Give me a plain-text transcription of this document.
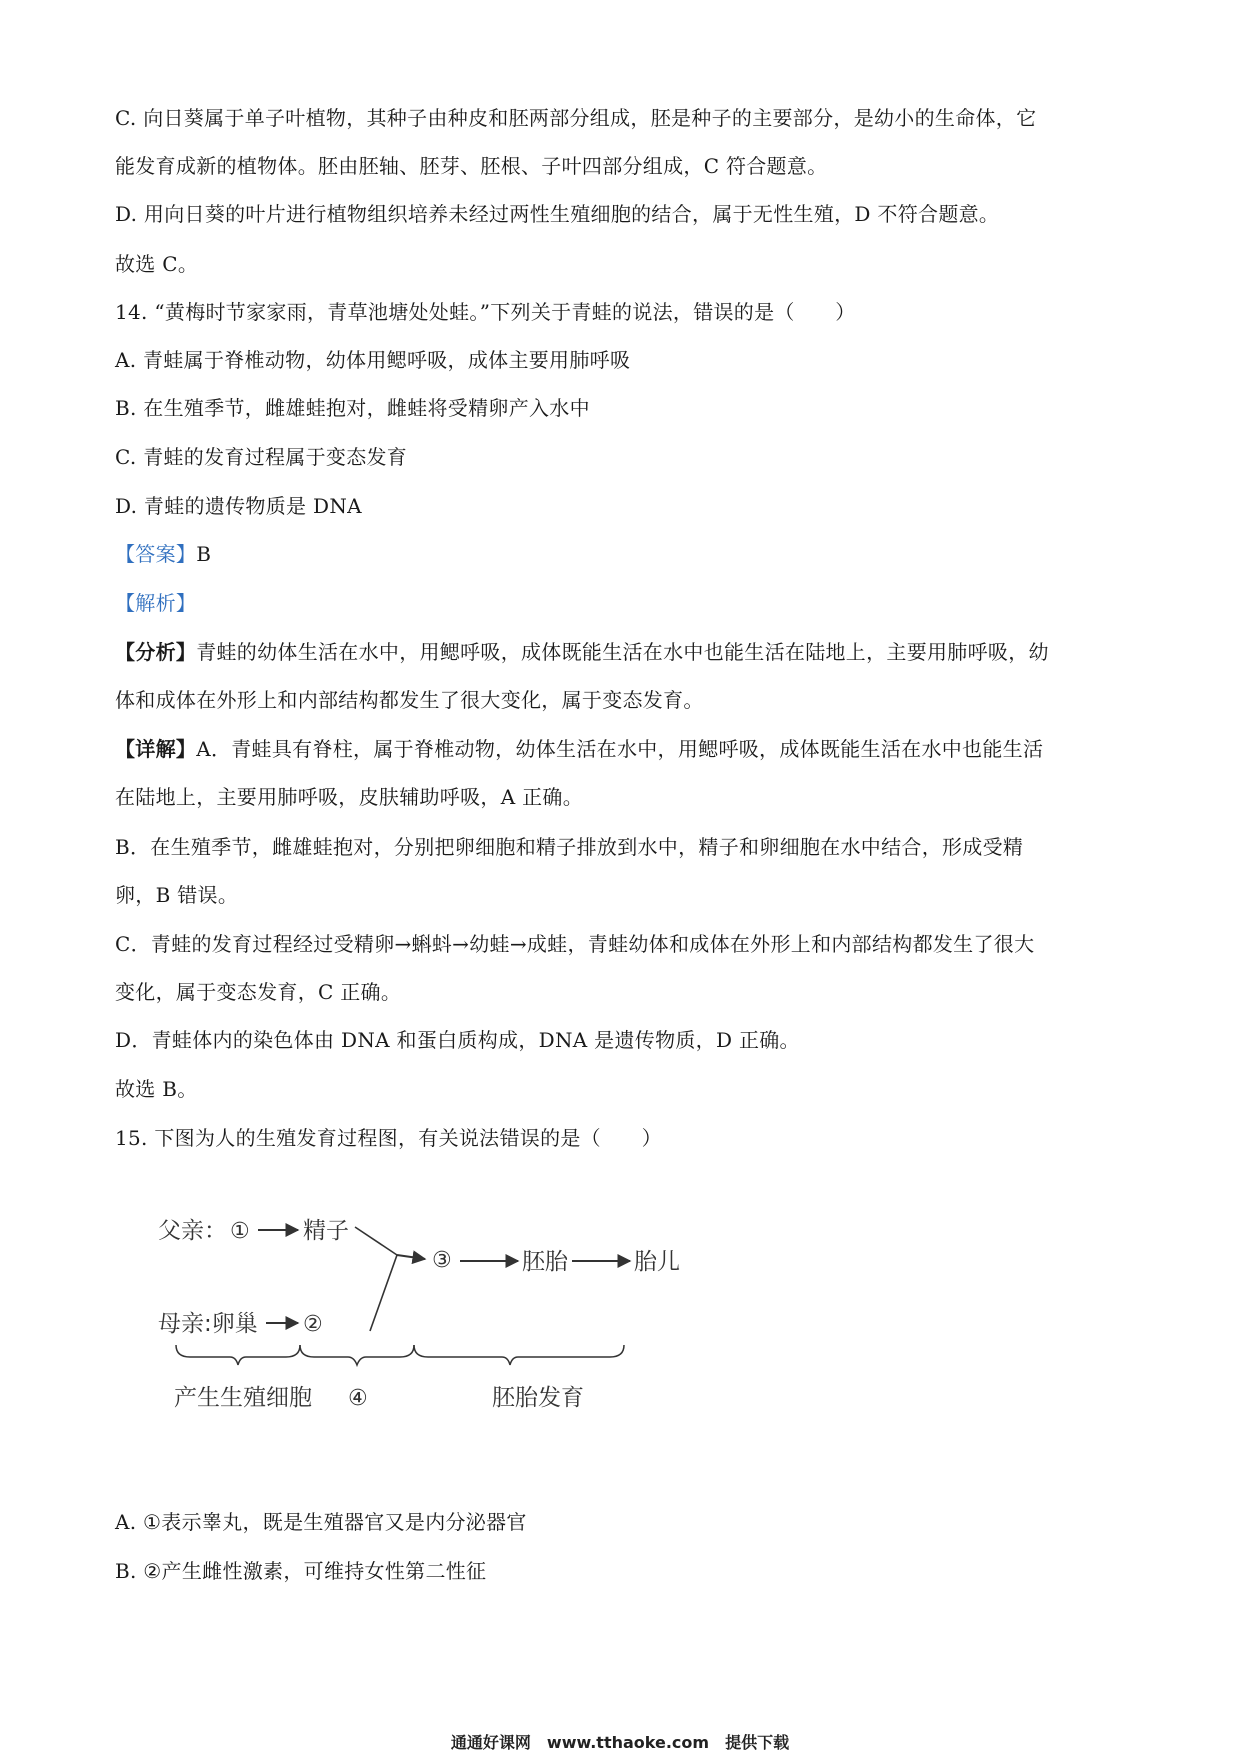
C. 向日葵属于单子叶植物，其种子由种皮和胚两部分组成，胚是种子的主要部分，是幼小的生命体，它
能发育成新的植物体。胚由胚轴、胚芽、胚根、子叶四部分组成，C 符合题意。
D. 用向日葵的叶片进行植物组织培养未经过两性生殖细胞的结合，属于无性生殖，D 不符合题意。
故选 C。
14. “黄梅时节家家雨，青草池塘处处蛙。”下列关于青蛙的说法，错误的是（　　）
A. 青蛙属于脊椎动物，幼体用鳃呼吸，成体主要用肺呼吸
B. 在生殖季节，雌雄蛙抱对，雌蛙将受精卵产入水中
C. 青蛙的发育过程属于变态发育
D. 青蛙的遗传物质是 DNA
【答案】B
【解析】
【分析】青蛙的幼体生活在水中，用鳃呼吸，成体既能生活在水中也能生活在陆地上，主要用肺呼吸，幼
体和成体在外形上和内部结构都发生了很大变化，属于变态发育。
【详解】A．青蛙具有脊柱，属于脊椎动物，幼体生活在水中，用鳃呼吸，成体既能生活在水中也能生活
在陆地上，主要用肺呼吸，皮肤辅助呼吸，A 正确。
B．在生殖季节，雌雄蛙抱对，分别把卵细胞和精子排放到水中，精子和卵细胞在水中结合，形成受精
卵，B 错误。
C．青蛙的发育过程经过受精卵→蝌蚪→幼蛙→成蛙，青蛙幼体和成体在外形上和内部结构都发生了很大
变化，属于变态发育，C 正确。
D．青蛙体内的染色体由 DNA 和蛋白质构成，DNA 是遗传物质，D 正确。
故选 B。
15. 下图为人的生殖发育过程图，有关说法错误的是（　　）
父亲： ① 精子
③	胚胎	胎儿
母亲:卵巢 ②
产生生殖细胞 ④	胚胎发育
A. ①表示睾丸，既是生殖器官又是内分泌器官
B. ②产生雌性激素，可维持女性第二性征
通通好课网　www.tthaoke.com　提供下载
